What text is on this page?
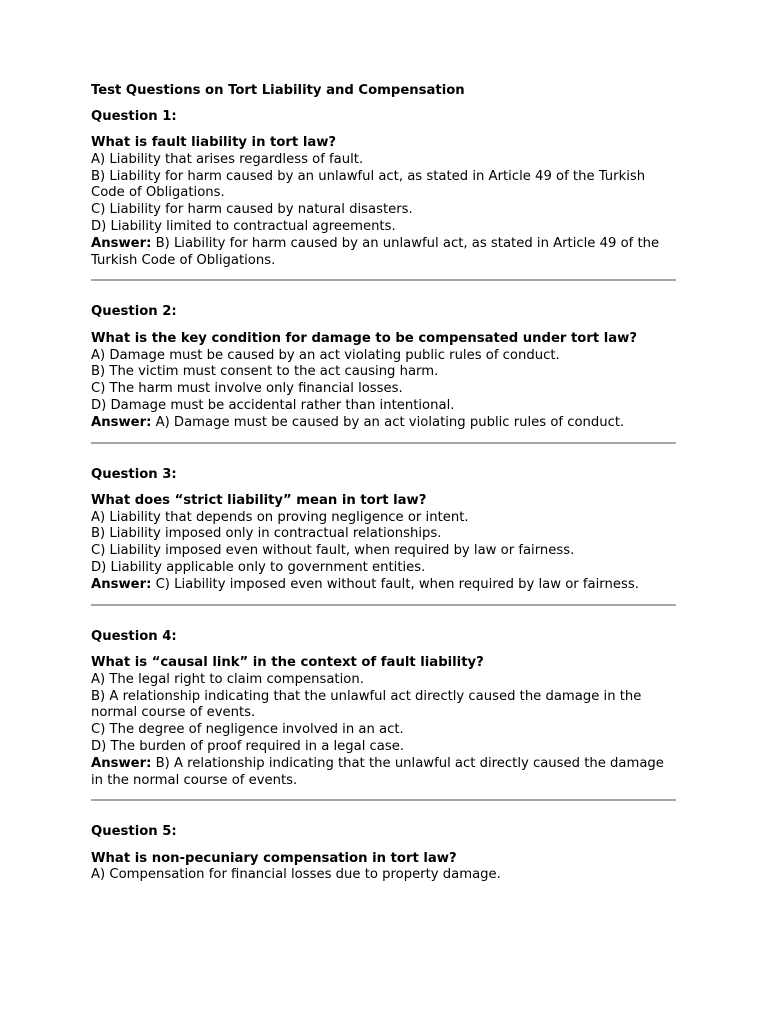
Test Questions on Tort Liability and Compensation
Question 1:
What is fault liability in tort law?
A) Liability that arises regardless of fault.
B) Liability for harm caused by an unlawful act, as stated in Article 49 of the Turkish Code of Obligations.
C) Liability for harm caused by natural disasters.
D) Liability limited to contractual agreements.
Answer: B) Liability for harm caused by an unlawful act, as stated in Article 49 of the Turkish Code of Obligations.
Question 2:
What is the key condition for damage to be compensated under tort law?
A) Damage must be caused by an act violating public rules of conduct.
B) The victim must consent to the act causing harm.
C) The harm must involve only financial losses.
D) Damage must be accidental rather than intentional.
Answer: A) Damage must be caused by an act violating public rules of conduct.
Question 3:
What does “strict liability” mean in tort law?
A) Liability that depends on proving negligence or intent.
B) Liability imposed only in contractual relationships.
C) Liability imposed even without fault, when required by law or fairness.
D) Liability applicable only to government entities.
Answer: C) Liability imposed even without fault, when required by law or fairness.
Question 4:
What is “causal link” in the context of fault liability?
A) The legal right to claim compensation.
B) A relationship indicating that the unlawful act directly caused the damage in the normal course of events.
C) The degree of negligence involved in an act.
D) The burden of proof required in a legal case.
Answer: B) A relationship indicating that the unlawful act directly caused the damage in the normal course of events.
Question 5:
What is non-pecuniary compensation in tort law?
A) Compensation for financial losses due to property damage.
